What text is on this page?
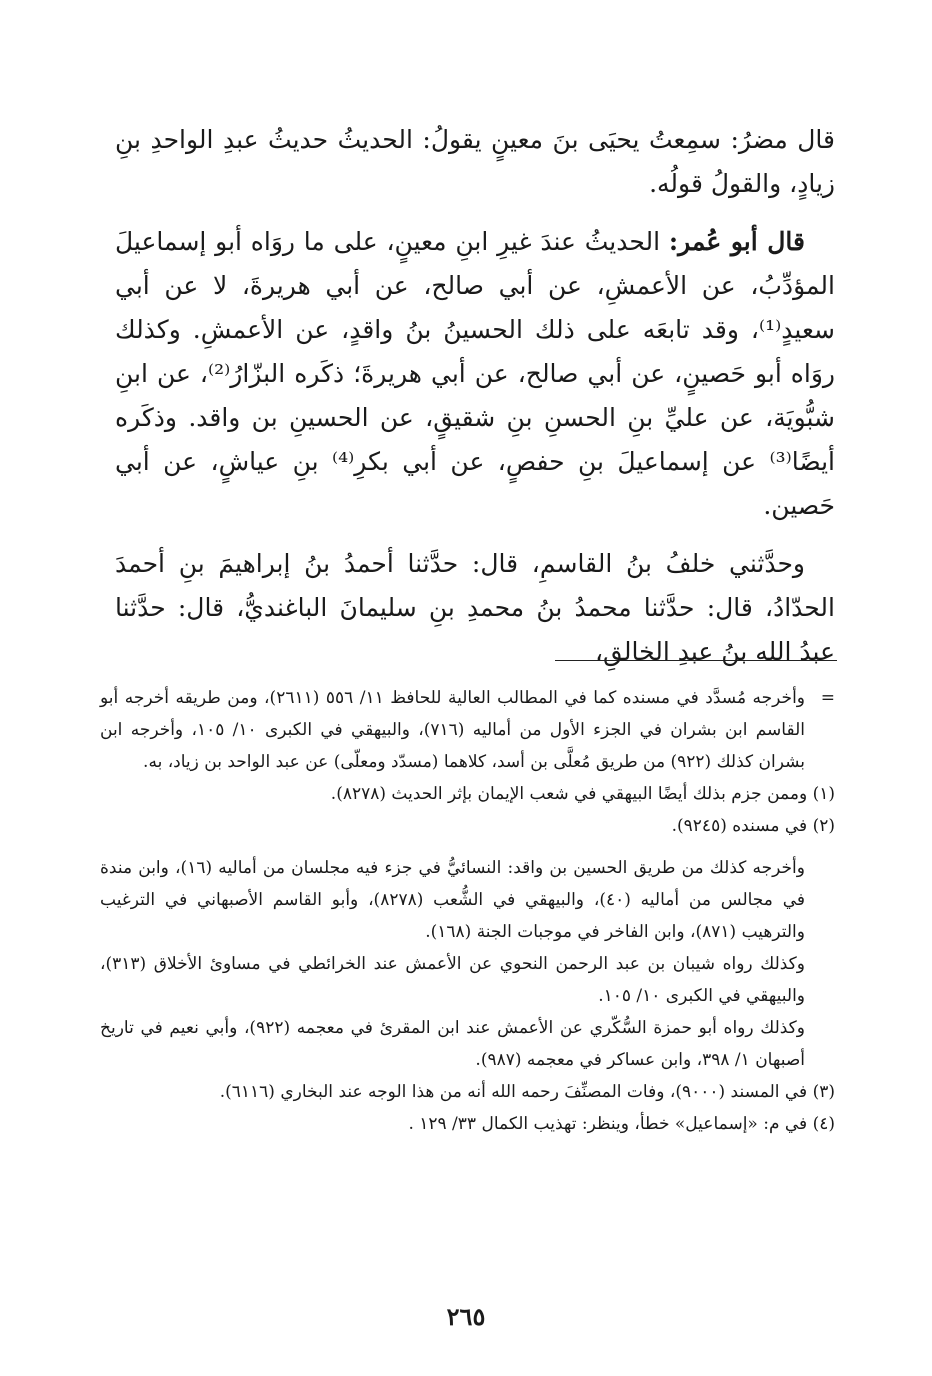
قال مضرُ: سمِعتُ يحيَى بنَ معينٍ يقولُ: الحديثُ حديثُ عبدِ الواحدِ بنِ زيادٍ، والقولُ قولُه.

قال أبو عُمر: الحديثُ عندَ غيرِ ابنِ معينٍ، على ما روَاه أبو إسماعيلَ المؤدِّبُ، عن الأعمشِ، عن أبي صالح، عن أبي هريرةَ، لا عن أبي سعيدٍ⁽¹⁾، وقد تابعَه على ذلك الحسينُ بنُ واقدٍ، عن الأعمشِ. وكذلك روَاه أبو حَصينٍ، عن أبي صالح، عن أبي هريرةَ؛ ذكَره البزّارُ⁽²⁾، عن ابنِ شبُّويَة، عن عليِّ بنِ الحسنِ بنِ شقيقٍ، عن الحسينِ بن واقد. وذكَره أيضًا⁽³⁾ عن إسماعيلَ بنِ حفصٍ، عن أبي بكرِ⁽⁴⁾ بنِ عياشٍ، عن أبي حَصين.

وحدَّثني خلفُ بنُ القاسمِ، قال: حدَّثنا أحمدُ بنُ إبراهيمَ بنِ أحمدَ الحدّادُ، قال: حدَّثنا محمدُ بنُ محمدِ بنِ سليمانَ الباغنديُّ، قال: حدَّثنا عبدُ الله بنُ عبدِ الخالقِ،

=
وأخرجه مُسدَّد في مسنده كما في المطالب العالية للحافظ ١١/ ٥٥٦ (٢٦١١)، ومن طريقه أخرجه أبو القاسم ابن بشران في الجزء الأول من أماليه (٧١٦)، والبيهقي في الكبرى ١٠/ ١٠٥، وأخرجه ابن بشران كذلك (٩٢٢) من طريق مُعلَّى بن أسد، كلاهما (مسدّد ومعلّى) عن عبد الواحد بن زياد، به.

(١) وممن جزم بذلك أيضًا البيهقي في شعب الإيمان بإثر الحديث (٨٢٧٨).

(٢) في مسنده (٩٢٤٥).

وأخرجه كذلك من طريق الحسين بن واقد: النسائيُّ في جزء فيه مجلسان من أماليه (١٦)، وابن مندة في مجالس من أماليه (٤٠)، والبيهقي في الشُّعب (٨٢٧٨)، وأبو القاسم الأصبهاني في الترغيب والترهيب (٨٧١)، وابن الفاخر في موجبات الجنة (١٦٨).

وكذلك رواه شيبان بن عبد الرحمن النحوي عن الأعمش عند الخرائطي في مساوئ الأخلاق (٣١٣)، والبيهقي في الكبرى ١٠/ ١٠٥.

وكذلك رواه أبو حمزة السُّكّري عن الأعمش عند ابن المقرئ في معجمه (٩٢٢)، وأبي نعيم في تاريخ أصبهان ١/ ٣٩٨، وابن عساكر في معجمه (٩٨٧).

(٣) في المسند (٩٠٠٠)، وفات المصنِّفَ رحمه الله أنه من هذا الوجه عند البخاري (٦١١٦).

(٤) في م: «إسماعيل» خطأ، وينظر: تهذيب الكمال ٣٣/ ١٢٩ .

٢٦٥
